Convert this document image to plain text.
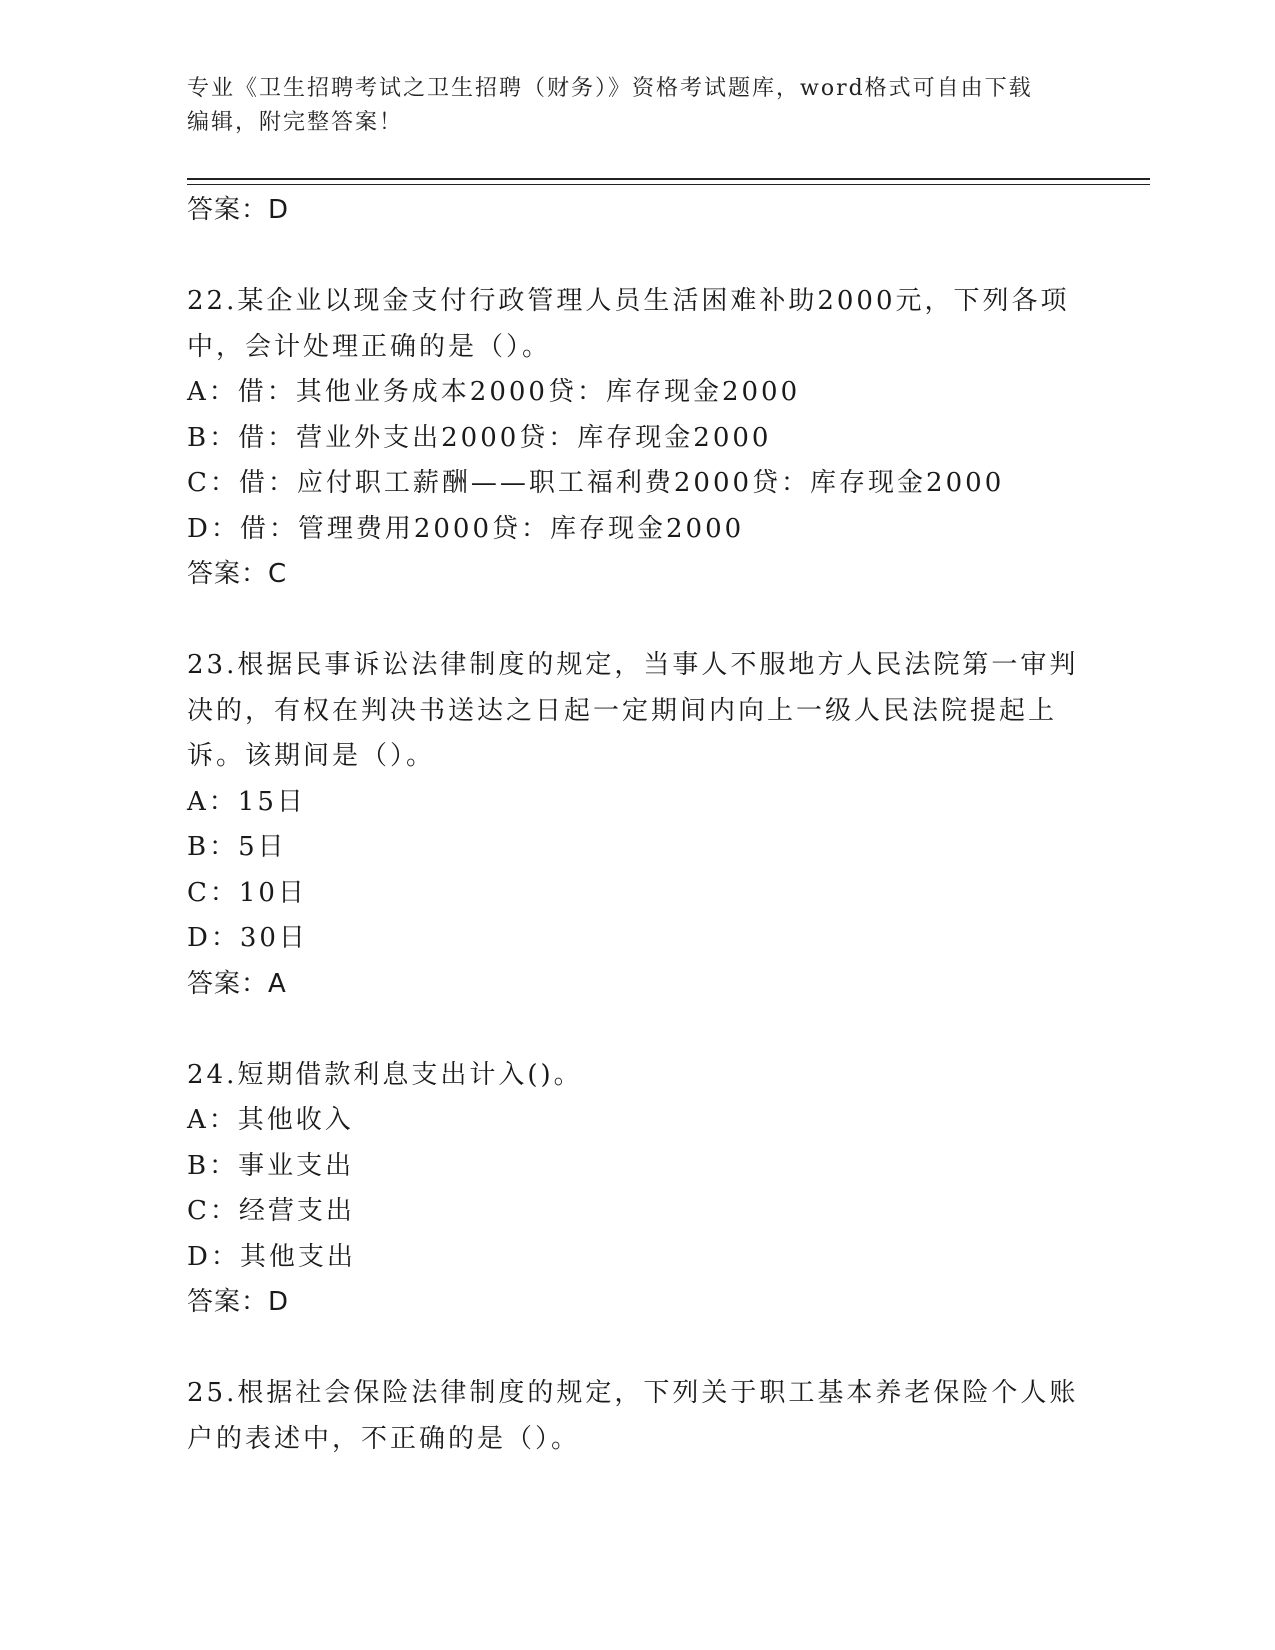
专业《卫生招聘考试之卫生招聘（财务）》资格考试题库，word格式可自由下载
编辑，附完整答案！
答案：D
22.某企业以现金支付行政管理人员生活困难补助2000元，下列各项
中，会计处理正确的是（）。
A：借：其他业务成本2000贷：库存现金2000
B：借：营业外支出2000贷：库存现金2000
C：借：应付职工薪酬——职工福利费2000贷：库存现金2000
D：借：管理费用2000贷：库存现金2000
答案：C
23.根据民事诉讼法律制度的规定，当事人不服地方人民法院第一审判
决的，有权在判决书送达之日起一定期间内向上一级人民法院提起上
诉。该期间是（）。
A：15日
B：5日
C：10日
D：30日
答案：A
24.短期借款利息支出计入()。
A：其他收入
B：事业支出
C：经营支出
D：其他支出
答案：D
25.根据社会保险法律制度的规定，下列关于职工基本养老保险个人账
户的表述中，不正确的是（）。
